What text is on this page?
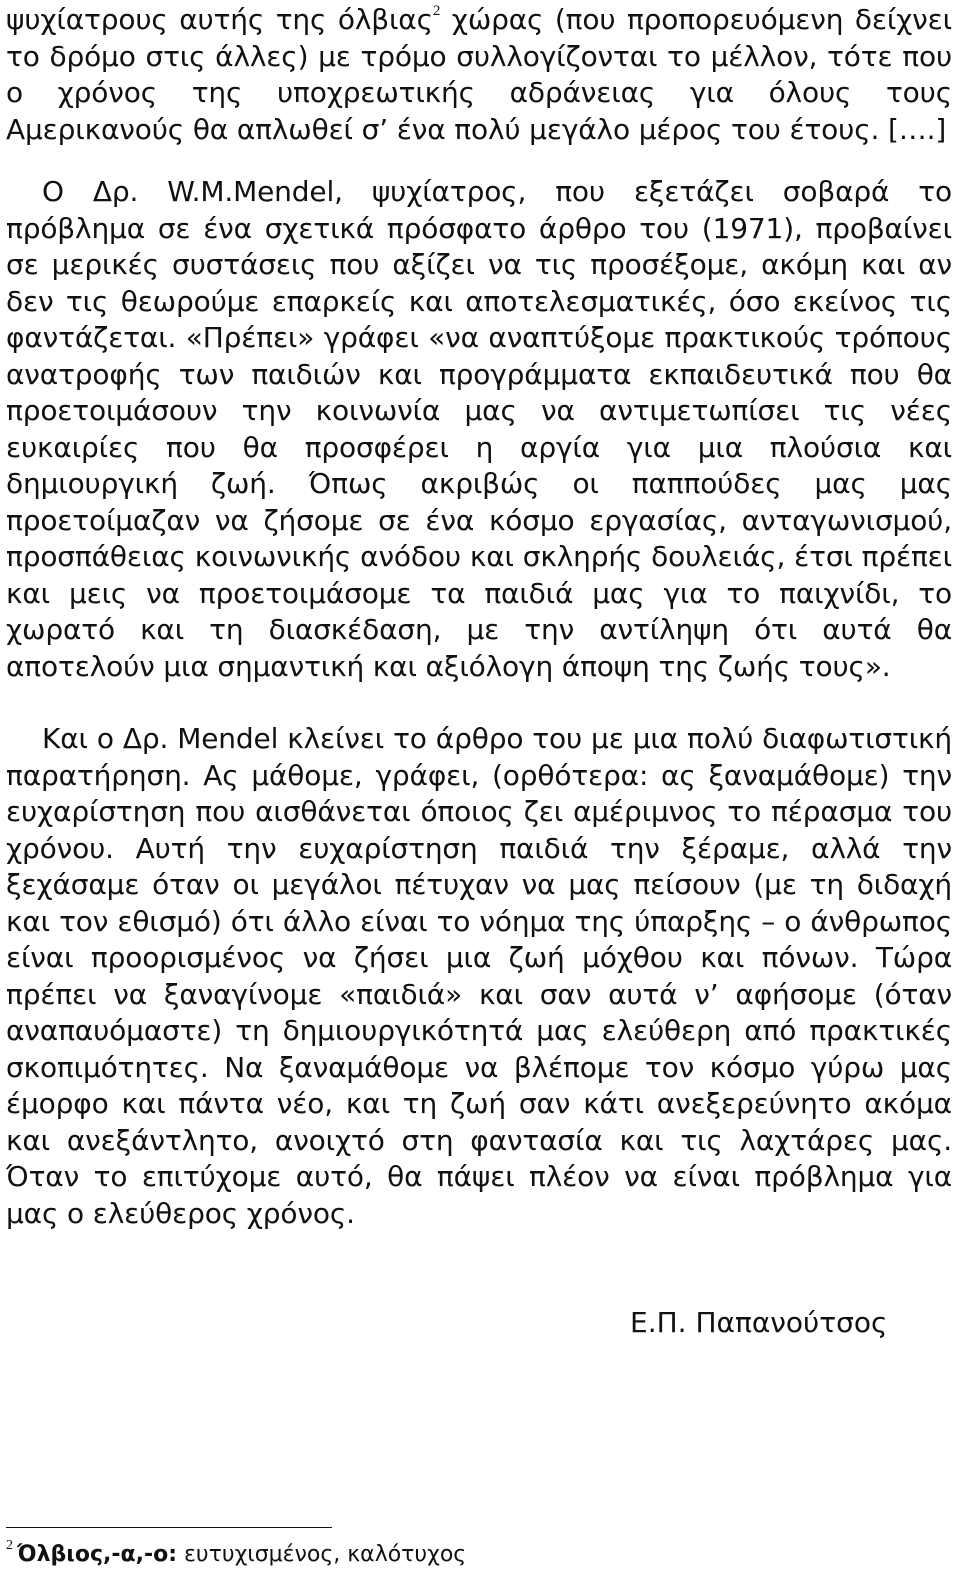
ψυχίατρους αυτής της όλβιας$^2$ χώρας (που προπορευόμενη δείχνει το δρόμο στις άλλες) με τρόμο συλλογίζονται το μέλλον, τότε που ο χρόνος της υποχρεωτικής αδράνειας για όλους τους Αμερικανούς θα απλωθεί σ’ ένα πολύ μεγάλο μέρος του έτους. [….]

Ο Δρ. W.M.Mendel, ψυχίατρος, που εξετάζει σοβαρά το πρόβλημα σε ένα σχετικά πρόσφατο άρθρο του (1971), προβαίνει σε μερικές συστάσεις που αξίζει να τις προσέξομε, ακόμη και αν δεν τις θεωρούμε επαρκείς και αποτελεσματικές, όσο εκείνος τις φαντάζεται. «Πρέπει» γράφει «να αναπτύξομε πρακτικούς τρόπους ανατροφής των παιδιών και προγράμματα εκπαιδευτικά που θα προετοιμάσουν την κοινωνία μας να αντιμετωπίσει τις νέες ευκαιρίες που θα προσφέρει η αργία για μια πλούσια και δημιουργική ζωή. Όπως ακριβώς οι παππούδες μας μας προετοίμαζαν να ζήσομε σε ένα κόσμο εργασίας, ανταγωνισμού, προσπάθειας κοινωνικής ανόδου και σκληρής δουλειάς, έτσι πρέπει και μεις να προετοιμάσομε τα παιδιά μας για το παιχνίδι, το χωρατό και τη διασκέδαση, με την αντίληψη ότι αυτά θα αποτελούν μια σημαντική και αξιόλογη άποψη της ζωής τους».

Και ο Δρ. Mendel κλείνει το άρθρο του με μια πολύ διαφωτιστική παρατήρηση. Ας μάθομε, γράφει, (ορθότερα: ας ξαναμάθομε) την ευχαρίστηση που αισθάνεται όποιος ζει αμέριμνος το πέρασμα του χρόνου. Αυτή την ευχαρίστηση παιδιά την ξέραμε, αλλά την ξεχάσαμε όταν οι μεγάλοι πέτυχαν να μας πείσουν (με τη διδαχή και τον εθισμό) ότι άλλο είναι το νόημα της ύπαρξης – ο άνθρωπος είναι προορισμένος να ζήσει μια ζωή μόχθου και πόνων. Τώρα πρέπει να ξαναγίνομε «παιδιά» και σαν αυτά ν’ αφήσομε (όταν αναπαυόμαστε) τη δημιουργικότητά μας ελεύθερη από πρακτικές σκοπιμότητες. Να ξαναμάθομε να βλέπομε τον κόσμο γύρω μας έμορφο και πάντα νέο, και τη ζωή σαν κάτι ανεξερεύνητο ακόμα και ανεξάντλητο, ανοιχτό στη φαντασία και τις λαχτάρες μας. Όταν το επιτύχομε αυτό, θα πάψει πλέον να είναι πρόβλημα για μας ο ελεύθερος χρόνος.

Ε.Π. Παπανούτσος

$^2$ Όλβιος,-α,-ο: ευτυχισμένος, καλότυχος
